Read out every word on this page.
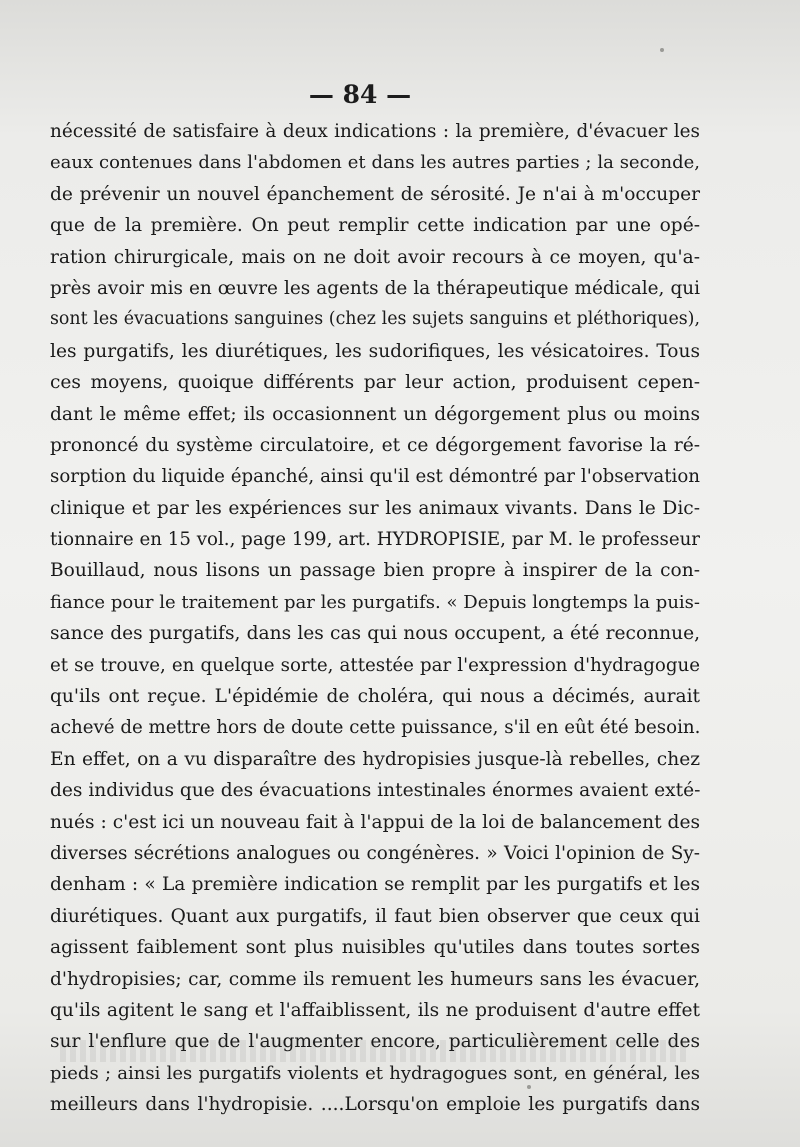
— 84 —
nécessité de satisfaire à deux indications : la première, d'évacuer les
eaux contenues dans l'abdomen et dans les autres parties ; la seconde,
de prévenir un nouvel épanchement de sérosité. Je n'ai à m'occuper
que de la première. On peut remplir cette indication par une opé-
ration chirurgicale, mais on ne doit avoir recours à ce moyen, qu'a-
près avoir mis en œuvre les agents de la thérapeutique médicale, qui
sont les évacuations sanguines (chez les sujets sanguins et pléthoriques),
les purgatifs, les diurétiques, les sudorifiques, les vésicatoires. Tous
ces moyens, quoique différents par leur action, produisent cepen-
dant le même effet; ils occasionnent un dégorgement plus ou moins
prononcé du système circulatoire, et ce dégorgement favorise la ré-
sorption du liquide épanché, ainsi qu'il est démontré par l'observation
clinique et par les expériences sur les animaux vivants. Dans le Dic-
tionnaire en 15 vol., page 199, art. HYDROPISIE, par M. le professeur
Bouillaud, nous lisons un passage bien propre à inspirer de la con-
fiance pour le traitement par les purgatifs. « Depuis longtemps la puis-
sance des purgatifs, dans les cas qui nous occupent, a été reconnue,
et se trouve, en quelque sorte, attestée par l'expression d'hydragogue
qu'ils ont reçue. L'épidémie de choléra, qui nous a décimés, aurait
achevé de mettre hors de doute cette puissance, s'il en eût été besoin.
En effet, on a vu disparaître des hydropisies jusque-là rebelles, chez
des individus que des évacuations intestinales énormes avaient exté-
nués : c'est ici un nouveau fait à l'appui de la loi de balancement des
diverses sécrétions analogues ou congénères. » Voici l'opinion de Sy-
denham : « La première indication se remplit par les purgatifs et les
diurétiques. Quant aux purgatifs, il faut bien observer que ceux qui
agissent faiblement sont plus nuisibles qu'utiles dans toutes sortes
d'hydropisies; car, comme ils remuent les humeurs sans les évacuer,
qu'ils agitent le sang et l'affaiblissent, ils ne produisent d'autre effet
sur l'enflure que de l'augmenter encore, particulièrement celle des
pieds ; ainsi les purgatifs violents et hydragogues sont, en général, les
meilleurs dans l'hydropisie. ....Lorsqu'on emploie les purgatifs dans
